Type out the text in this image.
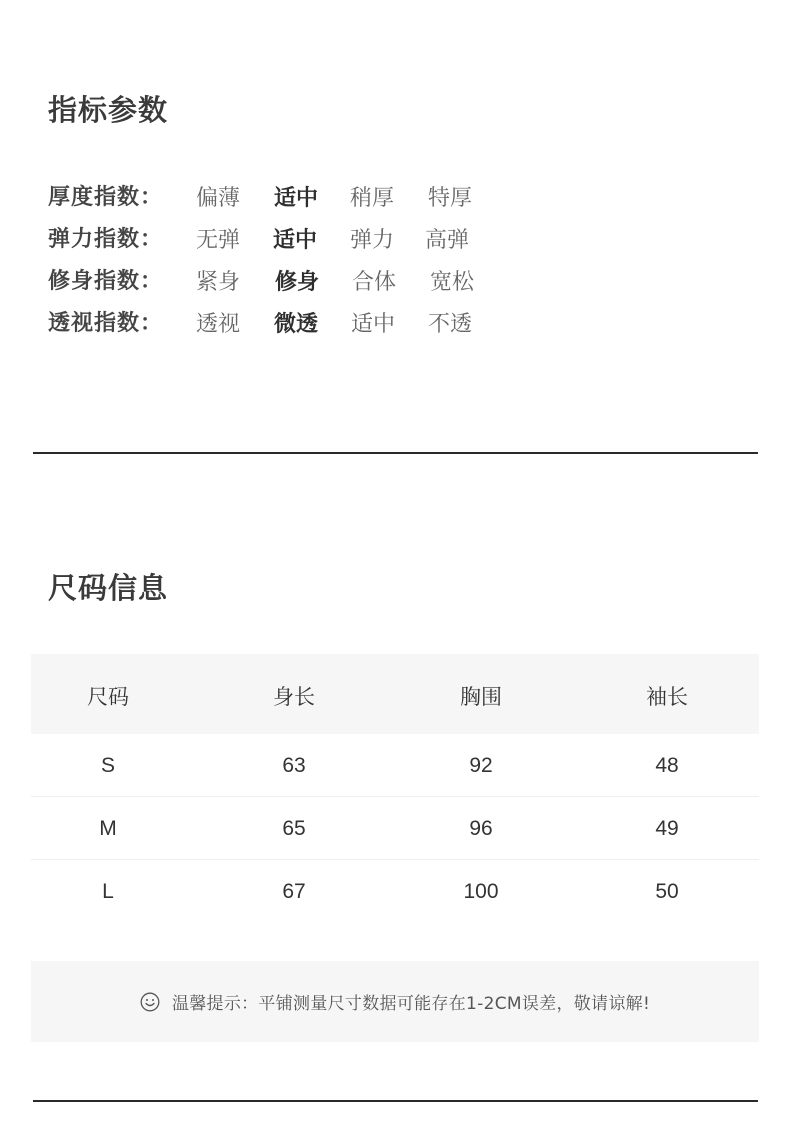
指标参数
厚度指数： 偏薄 适中 稍厚 特厚
弹力指数： 无弹 适中 弹力 高弹
修身指数： 紧身 修身 合体 宽松
透视指数： 透视 微透 适中 不透
尺码信息
尺码	身长	胸围	袖长
S	63	92	48
M	65	96	49
L	67	100	50
温馨提示：平铺测量尺寸数据可能存在1-2CM误差，敬请谅解!
